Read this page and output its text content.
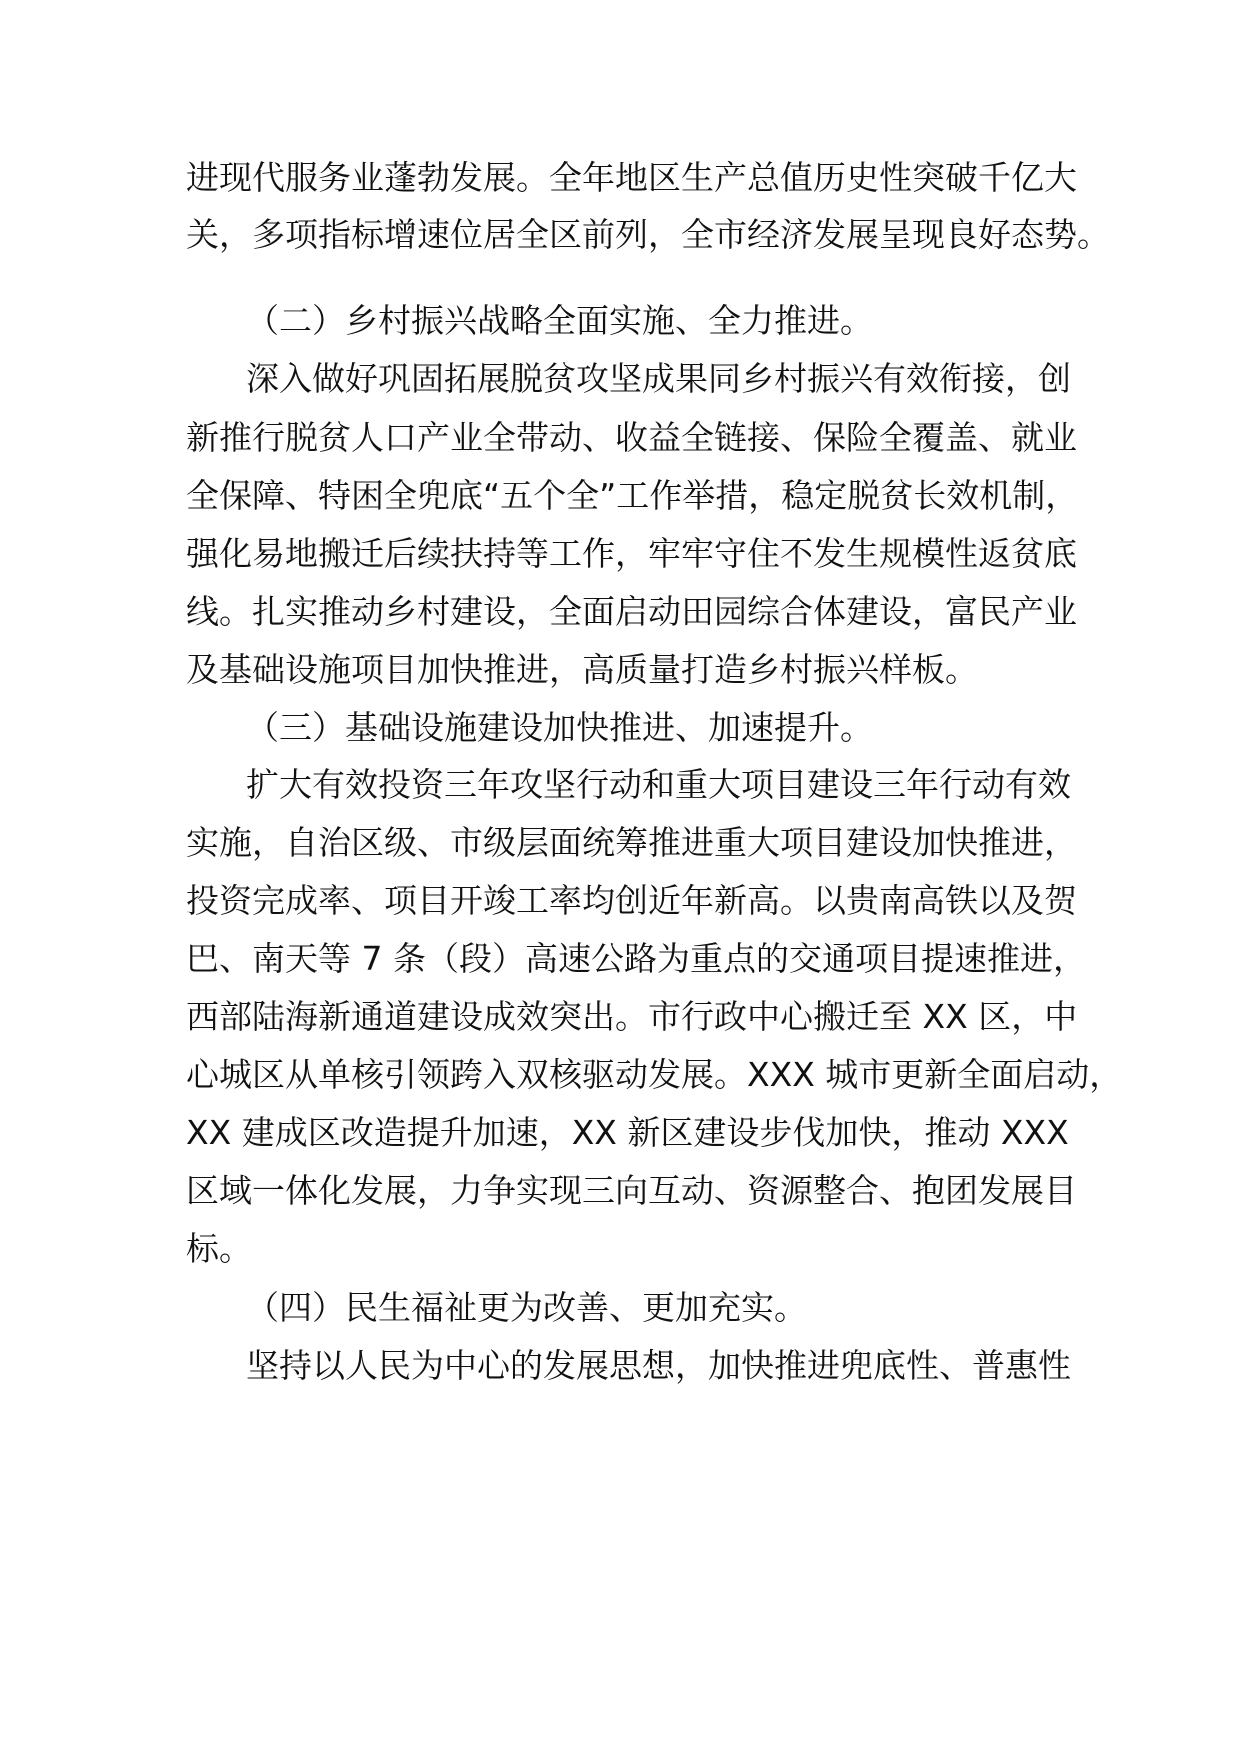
进现代服务业蓬勃发展。全年地区生产总值历史性突破千亿大

关，多项指标增速位居全区前列，全市经济发展呈现良好态势。

（二）乡村振兴战略全面实施、全力推进。

深入做好巩固拓展脱贫攻坚成果同乡村振兴有效衔接，创

新推行脱贫人口产业全带动、收益全链接、保险全覆盖、就业

全保障、特困全兜底“五个全”工作举措，稳定脱贫长效机制，

强化易地搬迁后续扶持等工作，牢牢守住不发生规模性返贫底

线。扎实推动乡村建设，全面启动田园综合体建设，富民产业

及基础设施项目加快推进，高质量打造乡村振兴样板。

（三）基础设施建设加快推进、加速提升。

扩大有效投资三年攻坚行动和重大项目建设三年行动有效

实施，自治区级、市级层面统筹推进重大项目建设加快推进，

投资完成率、项目开竣工率均创近年新高。以贵南高铁以及贺

巴、南天等 7 条（段）高速公路为重点的交通项目提速推进，

西部陆海新通道建设成效突出。市行政中心搬迁至 XX 区，中

心城区从单核引领跨入双核驱动发展。XXX 城市更新全面启动，

XX 建成区改造提升加速，XX 新区建设步伐加快，推动 XXX

区域一体化发展，力争实现三向互动、资源整合、抱团发展目

标。

（四）民生福祉更为改善、更加充实。

坚持以人民为中心的发展思想，加快推进兜底性、普惠性
